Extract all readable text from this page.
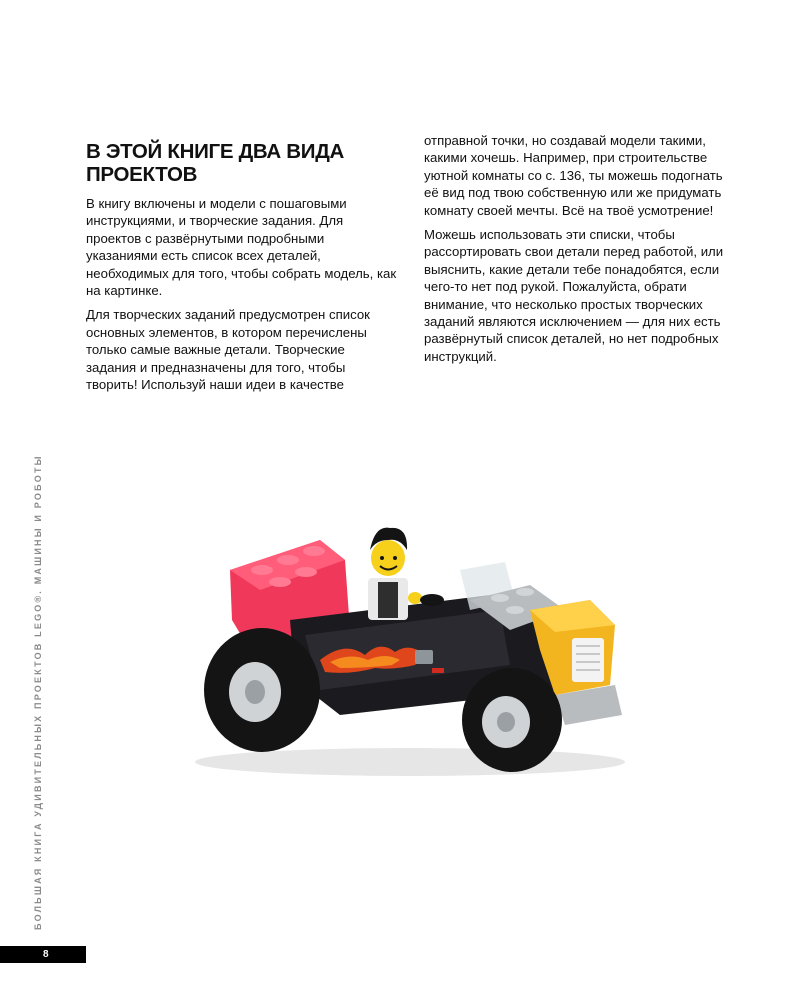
В ЭТОЙ КНИГЕ ДВА ВИДА ПРОЕКТОВ

В книгу включены и модели с пошаговыми инструкциями, и творческие задания. Для проектов с развёрнутыми подробными указаниями есть список всех деталей, необходимых для того, чтобы собрать модель, как на картинке.

Для творческих заданий предусмотрен список основных элементов, в котором перечислены только самые важные детали. Творческие задания и предназначены для того, чтобы творить! Используй наши идеи в качестве

отправной точки, но создавай модели такими, какими хочешь. Например, при строительстве уютной комнаты со с. 136, ты можешь подогнать её вид под твою собственную или же придумать комнату своей мечты. Всё на твоё усмотрение!

Можешь использовать эти списки, чтобы рассортировать свои детали перед работой, или выяснить, какие детали тебе понадобятся, если чего-то нет под рукой. Пожалуйста, обрати внимание, что несколько простых творческих заданий являются исключением — для них есть развёрнутый список деталей, но нет подробных инструкций.

БОЛЬШАЯ КНИГА УДИВИТЕЛЬНЫХ ПРОЕКТОВ LEGO®. МАШИНЫ И РОБОТЫ
8
